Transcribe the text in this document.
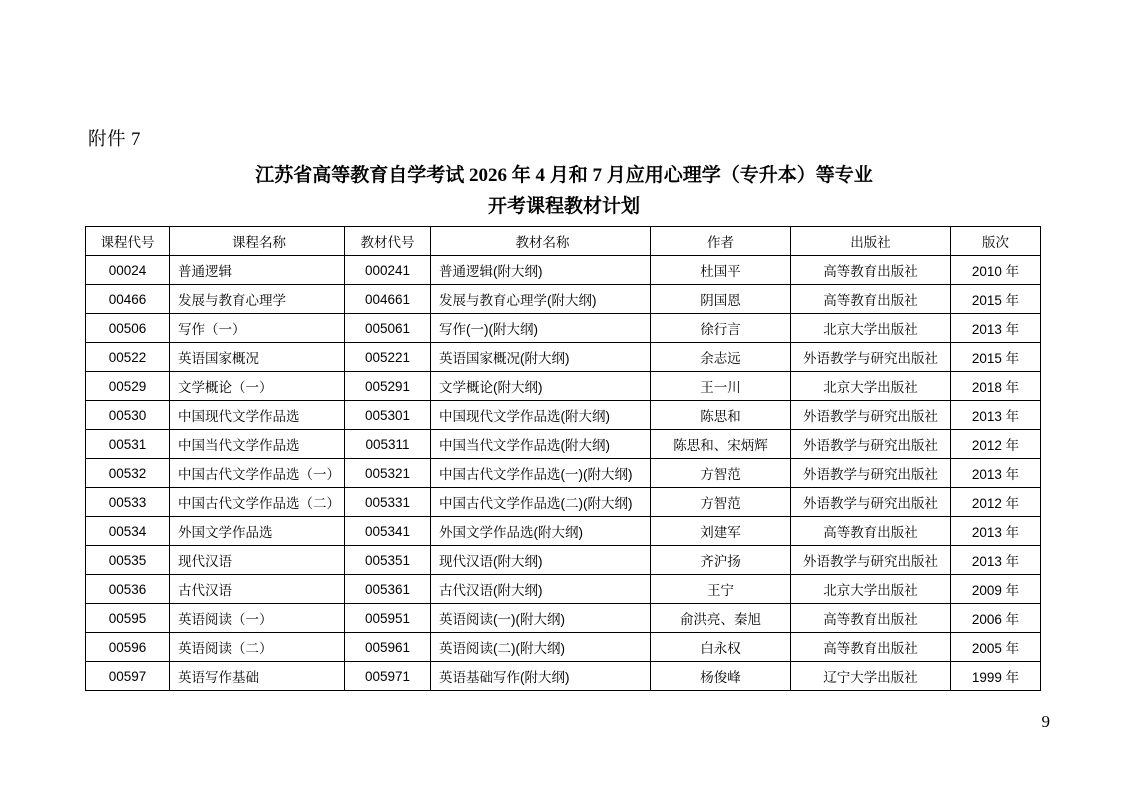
附件 7
江苏省高等教育自学考试 2026 年 4 月和 7 月应用心理学（专升本）等专业
开考课程教材计划
课程代号	课程名称	教材代号	教材名称	作者	出版社	版次
00024	普通逻辑	000241	普通逻辑(附大纲)	杜国平	高等教育出版社	2010 年
00466	发展与教育心理学	004661	发展与教育心理学(附大纲)	阴国恩	高等教育出版社	2015 年
00506	写作（一）	005061	写作(一)(附大纲)	徐行言	北京大学出版社	2013 年
00522	英语国家概况	005221	英语国家概况(附大纲)	余志远	外语教学与研究出版社	2015 年
00529	文学概论（一）	005291	文学概论(附大纲)	王一川	北京大学出版社	2018 年
00530	中国现代文学作品选	005301	中国现代文学作品选(附大纲)	陈思和	外语教学与研究出版社	2013 年
00531	中国当代文学作品选	005311	中国当代文学作品选(附大纲)	陈思和、宋炳辉	外语教学与研究出版社	2012 年
00532	中国古代文学作品选（一）	005321	中国古代文学作品选(一)(附大纲)	方智范	外语教学与研究出版社	2013 年
00533	中国古代文学作品选（二）	005331	中国古代文学作品选(二)(附大纲)	方智范	外语教学与研究出版社	2012 年
00534	外国文学作品选	005341	外国文学作品选(附大纲)	刘建军	高等教育出版社	2013 年
00535	现代汉语	005351	现代汉语(附大纲)	齐沪扬	外语教学与研究出版社	2013 年
00536	古代汉语	005361	古代汉语(附大纲)	王宁	北京大学出版社	2009 年
00595	英语阅读（一）	005951	英语阅读(一)(附大纲)	俞洪亮、秦旭	高等教育出版社	2006 年
00596	英语阅读（二）	005961	英语阅读(二)(附大纲)	白永权	高等教育出版社	2005 年
00597	英语写作基础	005971	英语基础写作(附大纲)	杨俊峰	辽宁大学出版社	1999 年
9
